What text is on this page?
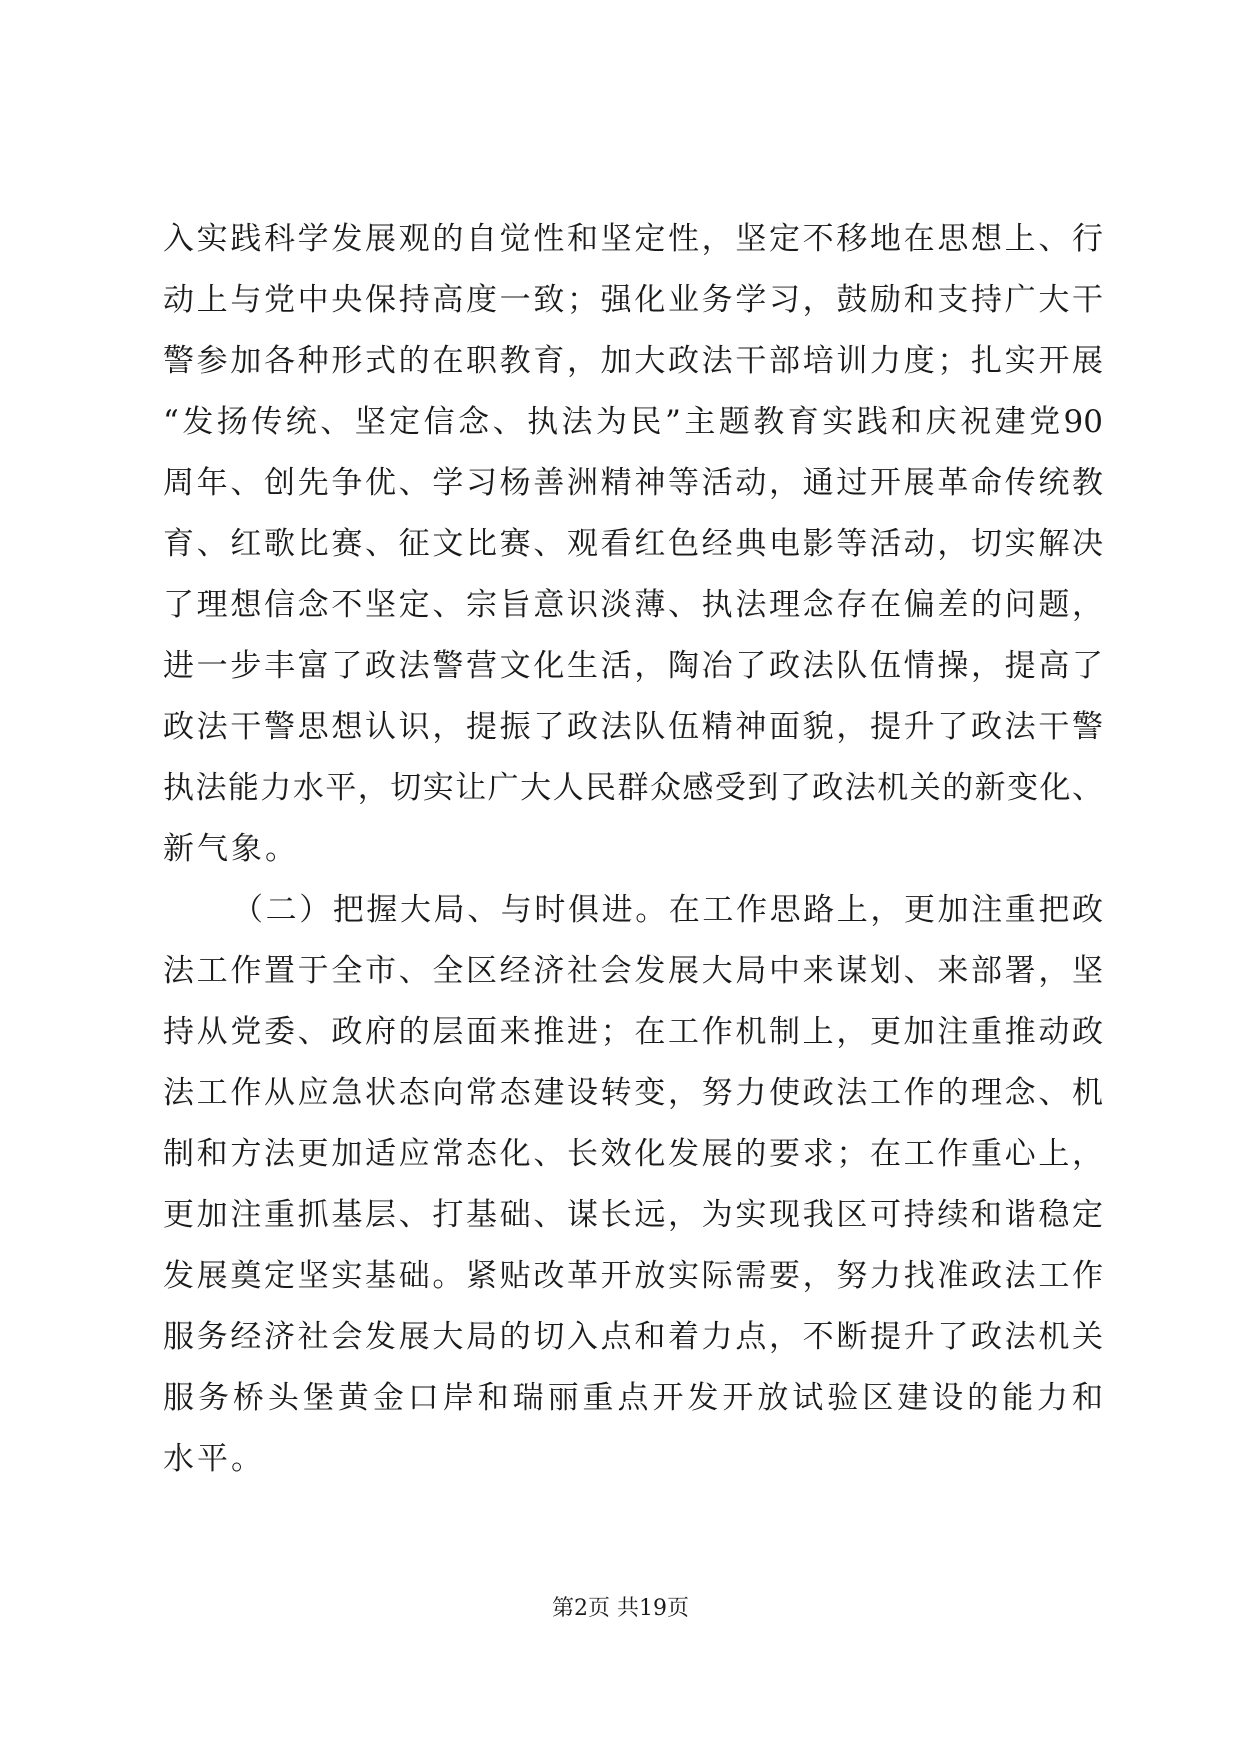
入实践科学发展观的自觉性和坚定性，坚定不移地在思想上、行
动上与党中央保持高度一致；强化业务学习，鼓励和支持广大干
警参加各种形式的在职教育，加大政法干部培训力度；扎实开展
“发扬传统、坚定信念、执法为民”主题教育实践和庆祝建党90
周年、创先争优、学习杨善洲精神等活动，通过开展革命传统教
育、红歌比赛、征文比赛、观看红色经典电影等活动，切实解决
了理想信念不坚定、宗旨意识淡薄、执法理念存在偏差的问题，
进一步丰富了政法警营文化生活，陶冶了政法队伍情操，提高了
政法干警思想认识，提振了政法队伍精神面貌，提升了政法干警
执法能力水平，切实让广大人民群众感受到了政法机关的新变化、
新气象。
（二）把握大局、与时俱进。在工作思路上，更加注重把政
法工作置于全市、全区经济社会发展大局中来谋划、来部署，坚
持从党委、政府的层面来推进；在工作机制上，更加注重推动政
法工作从应急状态向常态建设转变，努力使政法工作的理念、机
制和方法更加适应常态化、长效化发展的要求；在工作重心上，
更加注重抓基层、打基础、谋长远，为实现我区可持续和谐稳定
发展奠定坚实基础。紧贴改革开放实际需要，努力找准政法工作
服务经济社会发展大局的切入点和着力点，不断提升了政法机关
服务桥头堡黄金口岸和瑞丽重点开发开放试验区建设的能力和
水平。
第2页 共19页
